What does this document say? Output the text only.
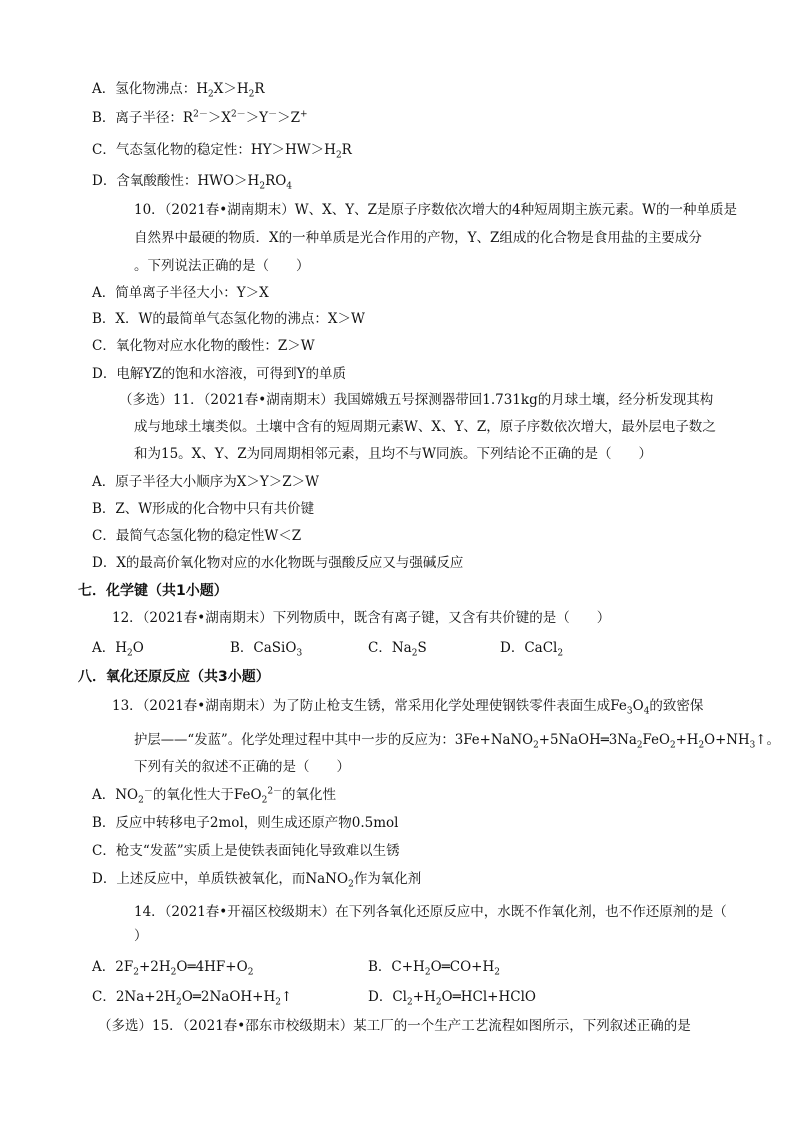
A．氢化物沸点：$H_2X>H_2R$
B．离子半径：$R^{2-}>X^{2-}>Y^->Z^+$
C．气态氢化物的稳定性：$HY>HW>H_2R$
D．含氧酸酸性：$HWO>H_2RO_4$
10．（2021春•湖南期末）W、X、Y、Z是原子序数依次增大的4种短周期主族元素。W的一种单质是
自然界中最硬的物质．X的一种单质是光合作用的产物，Y、Z组成的化合物是食用盐的主要成分
。下列说法正确的是（　　）
A．简单离子半径大小：Y＞X
B．X．W的最简单气态氢化物的沸点：X＞W
C．氧化物对应水化物的酸性：Z＞W
D．电解YZ的饱和水溶液，可得到Y的单质
（多选）11．（2021春•湖南期末）我国嫦娥五号探测器带回1.731kg的月球土壤，经分析发现其构
成与地球土壤类似。土壤中含有的短周期元素W、X、Y、Z，原子序数依次增大，最外层电子数之
和为15。X、Y、Z为同周期相邻元素，且均不与W同族。下列结论不正确的是（　　）
A．原子半径大小顺序为X＞Y＞Z＞W
B．Z、W形成的化合物中只有共价键
C．最简气态氢化物的稳定性W＜Z
D．X的最高价氧化物对应的水化物既与强酸反应又与强碱反应
七．化学键（共1小题）
12．（2021春•湖南期末）下列物质中，既含有离子键，又含有共价键的是（　　）
A．$H_2O$	B．CaSiO$_3$	C．$Na_2S$	D．CaCl$_2$
八．氧化还原反应（共3小题）
13．（2021春•湖南期末）为了防止枪支生锈，常采用化学处理使钢铁零件表面生成$Fe_3O_4$的致密保
护层——“发蓝”。化学处理过程中其中一步的反应为：$3Fe+NaNO_2+5NaOH═3Na_2FeO_2+H_2O+NH_3↑$。
下列有关的叙述不正确的是（　　）
A．$NO_2^-$的氧化性大于FeO$_2^{2-}$的氧化性
B．反应中转移电子2mol，则生成还原产物0.5mol
C．枪支“发蓝”实质上是使铁表面钝化导致难以生锈
D．上述反应中，单质铁被氧化，而NaNO$_2$作为氧化剂
14．（2021春•开福区校级期末）在下列各氧化还原反应中，水既不作氧化剂，也不作还原剂的是（
）
A．$2F_2+2H_2O═4HF+O_2$	B．$C+H_2O═CO+H_2$
C．$2Na+2H_2O═2NaOH+H_2↑$	D．$Cl_2+H_2O═HCl+HClO$
（多选）15．（2021春•邵东市校级期末）某工厂的一个生产工艺流程如图所示，下列叙述正确的是
